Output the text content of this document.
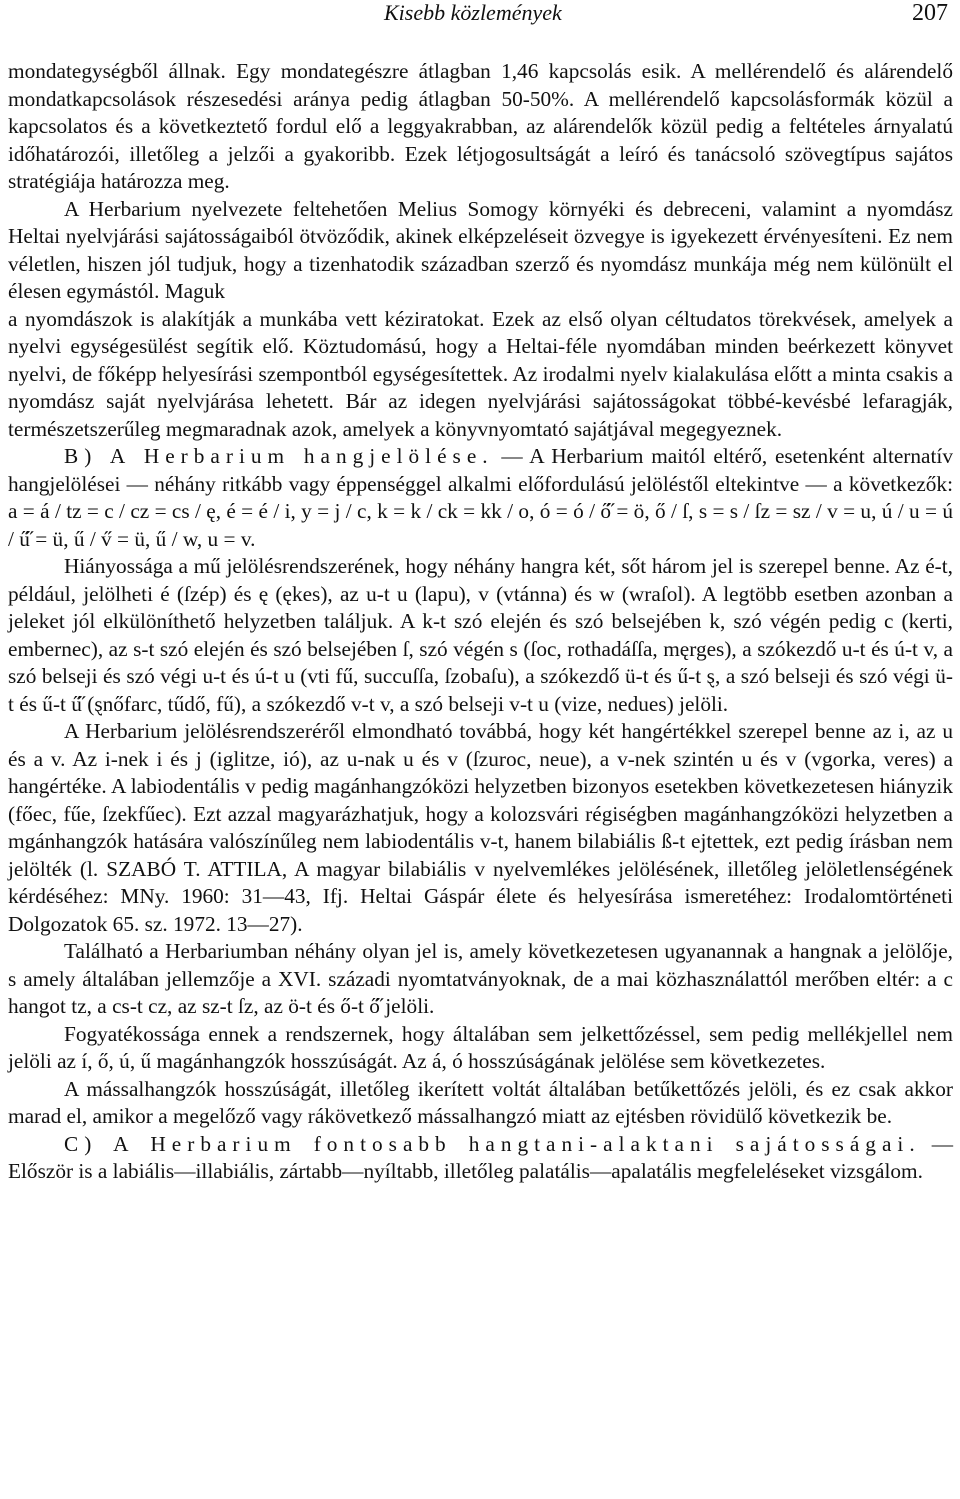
Kisebb közlemények	207

mondategységből állnak. Egy mondategészre átlagban 1,46 kapcsolás esik. A mellérendelő és alárendelő mondatkapcsolások részesedési aránya pedig átlagban 50-50%. A mellérendelő kapcsolásformák közül a kapcsolatos és a következtető fordul elő a leggyakrabban, az alárendelők közül pedig a feltételes árnyalatú időhatározói, illetőleg a jelzői a gyakoribb. Ezek létjogosultságát a leíró és tanácsoló szövegtípus sajátos stratégiája határozza meg.

A Herbarium nyelvezete feltehetően Melius Somogy környéki és debreceni, valamint a nyomdász Heltai nyelvjárási sajátosságaiból ötvöződik, akinek elképzeléseit özvegye is igyekezett érvényesíteni. Ez nem véletlen, hiszen jól tudjuk, hogy a tizenhatodik században szerző és nyomdász munkája még nem különült el élesen egymástól. Maguk

a nyomdászok is alakítják a munkába vett kéziratokat. Ezek az első olyan céltudatos törekvések, amelyek a nyelvi egységesülést segítik elő. Köztudomású, hogy a Heltai-féle nyomdában minden beérkezett könyvet nyelvi, de főképp helyesírási szempontból egységesítettek. Az irodalmi nyelv kialakulása előtt a minta csakis a nyomdász saját nyelvjárása lehetett. Bár az idegen nyelvjárási sajátosságokat többé-kevésbé lefaragják, természetszerűleg megmaradnak azok, amelyek a könyvnyomtató sajátjával megegyeznek.

B) A Herbarium hangjelölése. — A Herbarium maitól eltérő, esetenként alternatív hangjelölései — néhány ritkább vagy éppenséggel alkalmi előfordulású jelöléstől eltekintve — a következők: a = á / tz = c / cz = cs / ę, é = é / i, y = j / c, k = k / ck = kk / o, ó = ó / ő̋ = ö, ő / ſ, s = s / ſz = sz / v = u, ú / u = ú / ű̋ = ü, ű / v̋ = ü, ű / w, u = v.

Hiányossága a mű jelölésrendszerének, hogy néhány hangra két, sőt három jel is szerepel benne. Az é-t, például, jelölheti é (ſzép) és ę (ękes), az u-t u (lapu), v (vtánna) és w (wraſol). A legtöbb esetben azonban a jeleket jól elkülöníthető helyzetben találjuk. A k-t szó elején és szó belsejében k, szó végén pedig c (kerti, embernec), az s-t szó elején és szó belsejében ſ, szó végén s (ſoc, rothadáſſa, męrges), a szókezdő u-t és ú-t v, a szó belseji és szó végi u-t és ú-t u (vti fű, succuſſa, ſzobaſu), a szókezdő ü-t és ű-t ȿ, a szó belseji és szó végi ü-t és ű-t ű̋ (ȿnőfarc, tűdő, fű), a szókezdő v-t v, a szó belseji v-t u (vize, nedues) jelöli.

A Herbarium jelölésrendszeréről elmondható továbbá, hogy két hangértékkel szerepel benne az i, az u és a v. Az i-nek i és j (iglitze, ió), az u-nak u és v (ſzuroc, neue), a v-nek szintén u és v (vgorka, veres) a hangértéke. A labiodentális v pedig magánhangzóközi helyzetben bizonyos esetekben következetesen hiányzik (főec, fűe, ſzekfűec). Ezt azzal magyarázhatjuk, hogy a kolozsvári régiségben magánhangzóközi helyzetben a mgánhangzók hatására valószínűleg nem labiodentális v-t, hanem bilabiális ß-t ejtettek, ezt pedig írásban nem jelölték (l. SZABÓ T. ATTILA, A magyar bilabiális v nyelvemlékes jelölésének, illetőleg jelöletlenségének kérdéséhez: MNy. 1960: 31—43, Ifj. Heltai Gáspár élete és helyesírása ismeretéhez: Irodalomtörténeti Dolgozatok 65. sz. 1972. 13—27).

Található a Herbariumban néhány olyan jel is, amely következetesen ugyanannak a hangnak a jelölője, s amely általában jellemzője a XVI. századi nyomtatványoknak, de a mai közhasználattól merőben eltér: a c hangot tz, a cs-t cz, az sz-t ſz, az ö-t és ő-t ő̋ jelöli.

Fogyatékossága ennek a rendszernek, hogy általában sem jelkettőzéssel, sem pedig mellékjellel nem jelöli az í, ő, ú, ű magánhangzók hosszúságát. Az á, ó hosszúságának jelölése sem következetes.

A mássalhangzók hosszúságát, illetőleg ikerített voltát általában betűkettőzés jelöli, és ez csak akkor marad el, amikor a megelőző vagy rákövetkező mássalhangzó miatt az ejtésben rövidülő következik be.

C) A Herbarium fontosabb hangtani-alaktani sajátosságai. — Először is a labiális—illabiális, zártabb—nyíltabb, illetőleg palatális—apalatális megfeleléseket vizsgálom.
